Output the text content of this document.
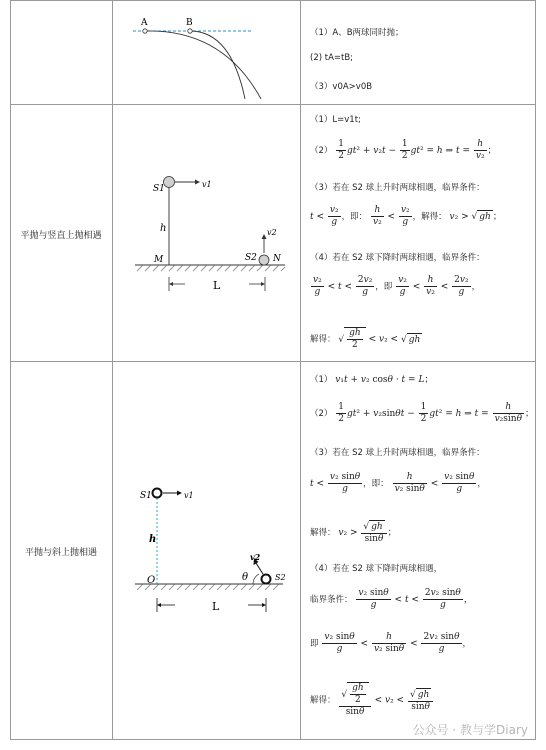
A	B
（1）A、B两球同时抛；
(2) tA=tB;
（3）v0A>v0B
平抛与竖直上抛相遇
S1	v1
h	v2
S2 N
M
L
（1）L=v1t;
$(2) \frac{1}{2} gt^2 + v_2t - \frac{1}{2} gt^2 = h$ ⇒ $t = \frac{h}{\text{v₂}}$ ；
（3）若在 S2 球上升时两球相遇，临界条件：
$t < \frac{\text{v₂}}{g}$ ，即： $\frac{h}{\text{v₂}} < \frac{\text{v₂}}{g}$ ，解得： v₂ > √ gh ；
（4）若在 S2 球下降时两球相遇，临界条件：
$\frac{\text{v₂}}{g} < t < \frac{\text{2v₂}}{g}$ ，即 $\frac{\text{v₂}}{g} < \frac{h}{\text{v₂}} < \frac{\text{2v₂}}{g}$ ，
解得： √ $\frac{gh}{2} < v_2$ < √ gh
平抛与斜上抛相遇
S1	v1
h
v2
θ	S2
O
L
（1） v₁t + v₂ cosθ · t = L；
$(2) \frac{1}{2} gt^2 + v_2\sin\theta t - \frac{1}{2} gt^2 = h$ ⇒ $t = \frac{h}{\text{v₂sinθ}}$ ；
（3）若在 S2 球上升时两球相遇，临界条件：
$t < \frac{\text{v₂ sinθ}}{g}$ ，即： $\frac{h}{\text{v₂ sinθ}} < \frac{\text{v₂ sinθ}}{g}$ ，
解得： $v_2 > \frac{√ gh}{\sin\theta}$ ；
（4）若在 S2 球下降时两球相遇，
临界条件： $\frac{\text{v₂ sinθ}}{g} < t < \frac{\text{2v₂ sinθ}}{g}$ ，
即 $\frac{\text{v₂ sinθ}}{g} < \frac{h}{\text{v₂ sinθ}} < \frac{\text{2v₂ sinθ}}{g}$ ，
解得： $\frac{√ \frac{gh}{2}}{\sin\theta} < v_2 < \frac{√ gh}{\sin\theta}$
公众号 · 教与学Diary
